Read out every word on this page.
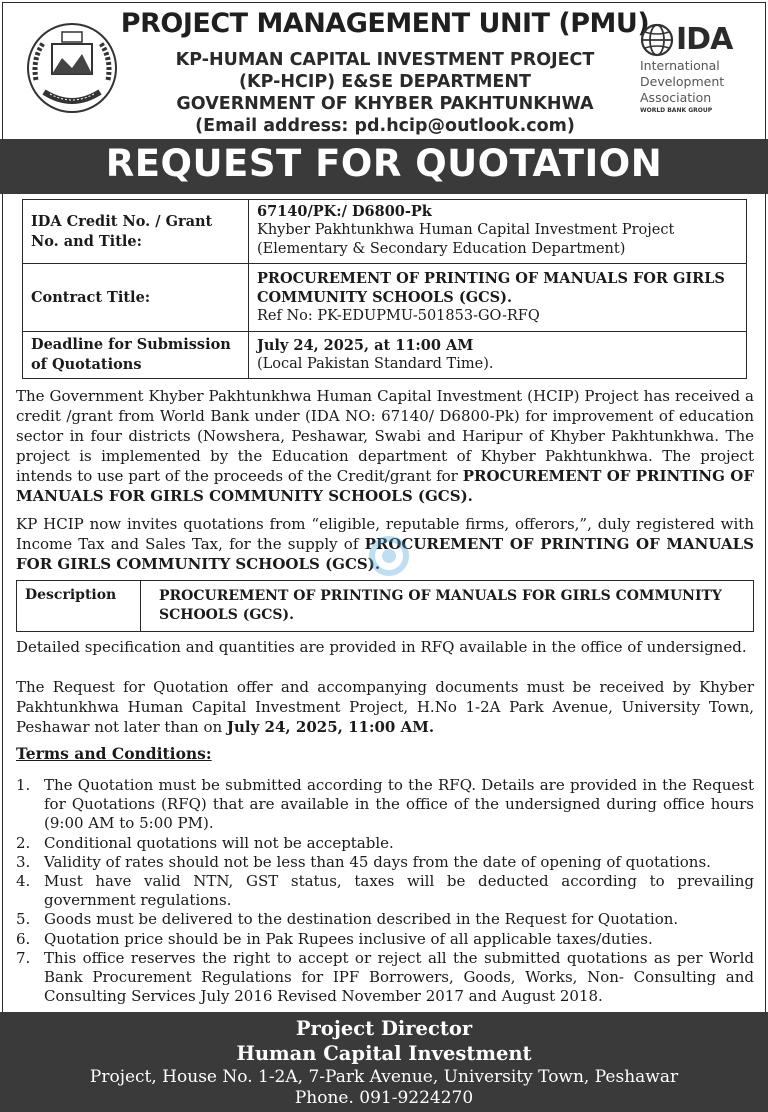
PROJECT MANAGEMENT UNIT (PMU)
KP-HUMAN CAPITAL INVESTMENT PROJECT
(KP-HCIP) E&SE DEPARTMENT
GOVERNMENT OF KHYBER PAKHTUNKHWA
(Email address: pd.hcip@outlook.com)
IDA
International
Development
Association
WORLD BANK GROUP
REQUEST FOR QUOTATION
IDA Credit No. / Grant No. and Title:
67140/PK:/ D6800-Pk
Khyber Pakhtunkhwa Human Capital Investment Project
(Elementary & Secondary Education Department)
Contract Title:
PROCUREMENT OF PRINTING OF MANUALS FOR GIRLS COMMUNITY SCHOOLS (GCS).
Ref No: PK-EDUPMU-501853-GO-RFQ
Deadline for Submission of Quotations
July 24, 2025, at 11:00 AM
(Local Pakistan Standard Time).
The Government Khyber Pakhtunkhwa Human Capital Investment (HCIP) Project has received a credit /grant from World Bank under (IDA NO: 67140/ D6800-Pk) for improvement of education sector in four districts (Nowshera, Peshawar, Swabi and Haripur of Khyber Pakhtunkhwa. The project is implemented by the Education department of Khyber Pakhtunkhwa. The project intends to use part of the proceeds of the Credit/grant for PROCUREMENT OF PRINTING OF MANUALS FOR GIRLS COMMUNITY SCHOOLS (GCS).
KP HCIP now invites quotations from “eligible, reputable firms, offerors,”, duly registered with Income Tax and Sales Tax, for the supply of PROCUREMENT OF PRINTING OF MANUALS FOR GIRLS COMMUNITY SCHOOLS (GCS).
Description	PROCUREMENT OF PRINTING OF MANUALS FOR GIRLS COMMUNITY SCHOOLS (GCS).
Detailed specification and quantities are provided in RFQ available in the office of undersigned.
The Request for Quotation offer and accompanying documents must be received by Khyber Pakhtunkhwa Human Capital Investment Project, H.No 1-2A Park Avenue, University Town, Peshawar not later than on July 24, 2025, 11:00 AM.
Terms and Conditions:
1. The Quotation must be submitted according to the RFQ. Details are provided in the Request for Quotations (RFQ) that are available in the office of the undersigned during office hours (9:00 AM to 5:00 PM).
2. Conditional quotations will not be acceptable.
3. Validity of rates should not be less than 45 days from the date of opening of quotations.
4. Must have valid NTN, GST status, taxes will be deducted according to prevailing government regulations.
5. Goods must be delivered to the destination described in the Request for Quotation.
6. Quotation price should be in Pak Rupees inclusive of all applicable taxes/duties.
7. This office reserves the right to accept or reject all the submitted quotations as per World Bank Procurement Regulations for IPF Borrowers, Goods, Works, Non- Consulting and Consulting Services July 2016 Revised November 2017 and August 2018.
Project Director
Human Capital Investment
Project, House No. 1-2A, 7-Park Avenue, University Town, Peshawar
Phone. 091-9224270
